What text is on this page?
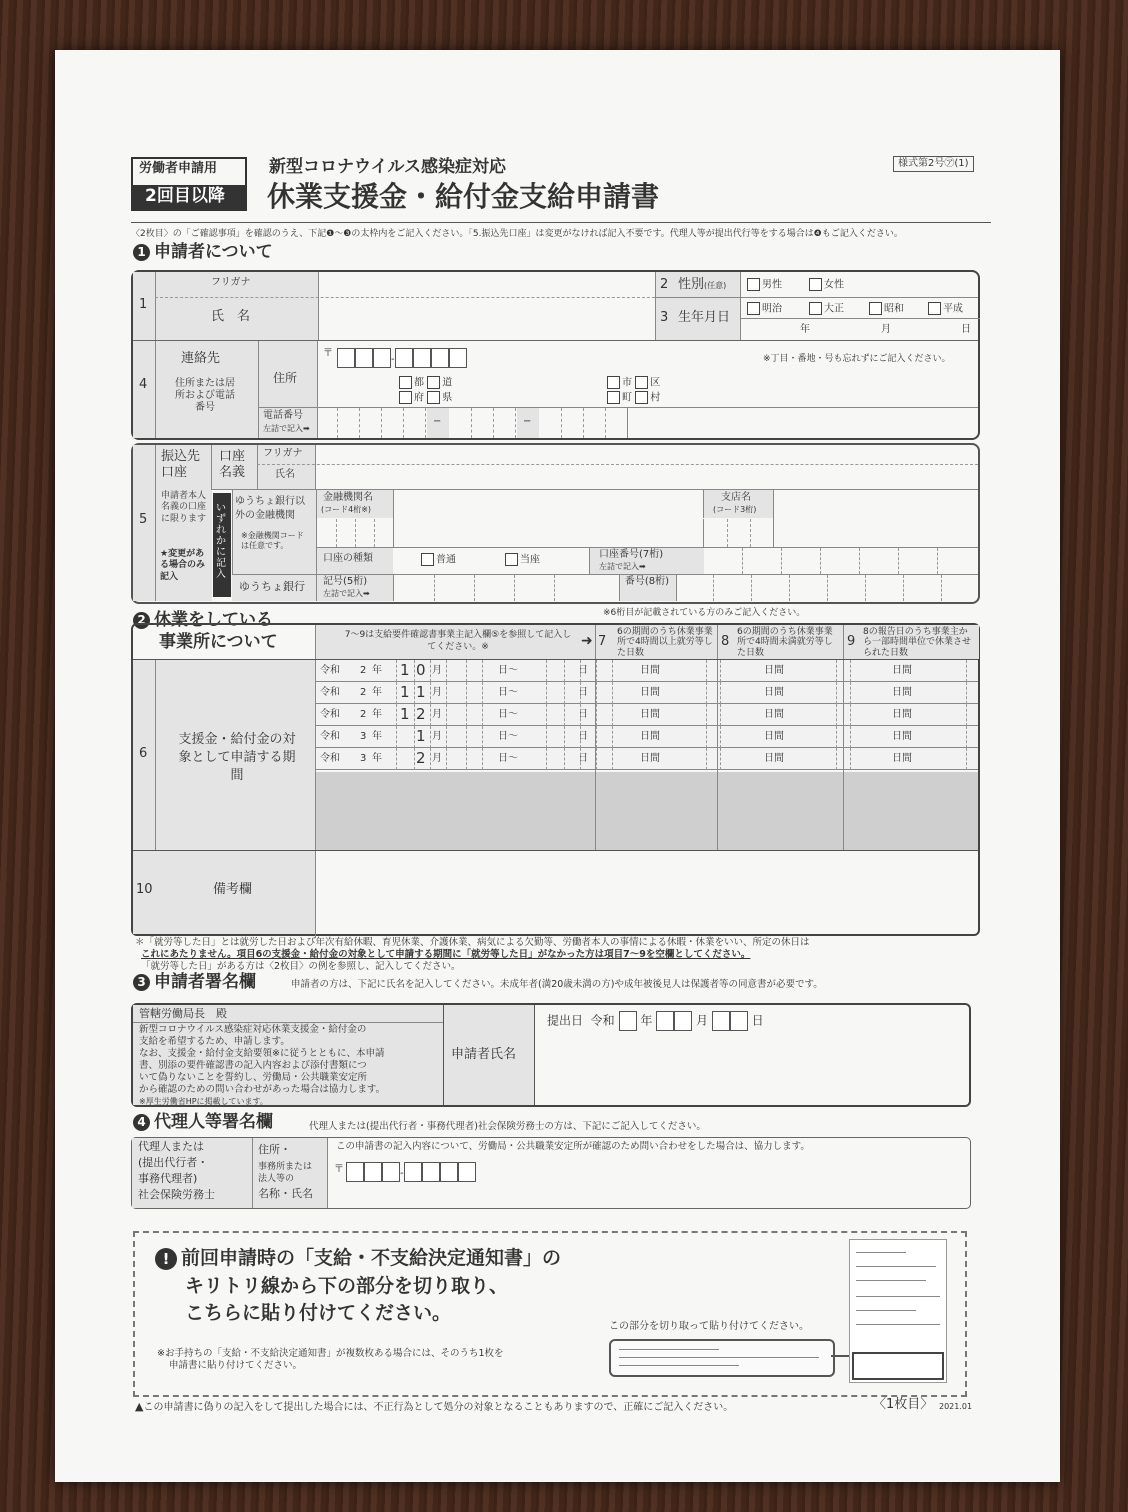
労働者申請用
2回目以降
新型コロナウイルス感染症対応
休業支援金・給付金支給申請書
様式第2号㋐(1)
〈2枚目〉の「ご確認事項」を確認のうえ、下記❶〜❸の太枠内をご記入ください。「5.振込先口座」は変更がなければ記入不要です。代理人等が提出代行等をする場合は❹もご記入ください。
1 申請者について
1
フリガナ
氏　名
2 性別(任意)
3 生年月日
男性	女性
明治	大正	昭和	平成
年	月	日
4
連絡先
住所または居所および電話番号
住所
〒
-	※丁目・番地・号も忘れずにご記入ください。
都 道
府 県
市 区
町 村
電話番号
左詰で記入➡
−	−
5
振込先口座
申請者本人名義の口座に限ります
★変更がある場合のみ記入
口座名義
フリガナ
氏名
いずれかに記入
ゆうちょ銀行以外の金融機関
※金融機関コードは任意です。
金融機関名
(コード4桁※)
支店名
(コード3桁)
口座の種類	普通	当座	口座番号(7桁)
左詰で記入➡
ゆうちょ銀行 記号(5桁)
左詰で記入➡
番号(8桁)
※6桁目が記載されている方のみご記入ください。
2 休業をしている
事業所について	7〜9は支給要件確認書事業主記入欄⑤を参照して記入してください。※	➜ 7
6の期間のうち休業事業所で4時間以上就労等した日数
8
6の期間のうち休業事業所で4時間未満就労等した日数
9
8の報告日のうち事業主から一部時間単位で休業させられた日数
6
支援金・給付金の対象として申請する期間
令和 2 年 1 0 月	日〜	日	日間	日間	日間
令和 2 年 1 1 月	日〜	日	日間	日間	日間
令和 2 年 1 2 月	日〜	日	日間	日間	日間
令和 3 年 1 月	日〜	日	日間	日間	日間
令和 3 年 2 月	日〜	日	日間	日間	日間
10	備考欄
＊「就労等した日」とは就労した日および年次有給休暇、育児休業、介護休業、病気による欠勤等、労働者本人の事情による休暇・休業をいい、所定の休日は
これにあたりません。項目6の支援金・給付金の対象として申請する期間に「就労等した日」がなかった方は項目7〜9を空欄としてください。
「就労等した日」がある方は〈2枚目〉の例を参照し、記入してください。
3 申請者署名欄	申請者の方は、下記に氏名を記入してください。未成年者(満20歳未満の方)や成年被後見人は保護者等の同意書が必要です。
管轄労働局長　殿
新型コロナウイルス感染症対応休業支援金・給付金の
支給を希望するため、申請します。
なお、支援金・給付金支給要領※に従うとともに、本申請
書、別添の要件確認書の記入内容および添付書類につ
いて偽りないことを誓約し、労働局・公共職業安定所
から確認のための問い合わせがあった場合は協力します。
※厚生労働省HPに掲載しています。
申請者氏名
提出日 令和 年	月	日
4 代理人等署名欄	代理人または(提出代行者・事務代理者)社会保険労務士の方は、下記にご記入してください。
代理人または
(提出代行者・
事務代理者)
社会保険労務士
住所・
事務所または
法人等の
名称・氏名
この申請書の記入内容について、労働局・公共職業安定所が確認のため問い合わせをした場合は、協力します。
〒	-
! 前回申請時の「支給・不支給決定通知書」の
キリトリ線から下の部分を切り取り、
こちらに貼り付けてください。
※お手持ちの「支給・不支給決定通知書」が複数枚ある場合には、そのうち1枚を
申請書に貼り付けてください。
この部分を切り取って貼り付けてください。
▲この申請書に偽りの記入をして提出した場合には、不正行為として処分の対象となることもありますので、正確にご記入ください。	〈1枚目〉 2021.01
